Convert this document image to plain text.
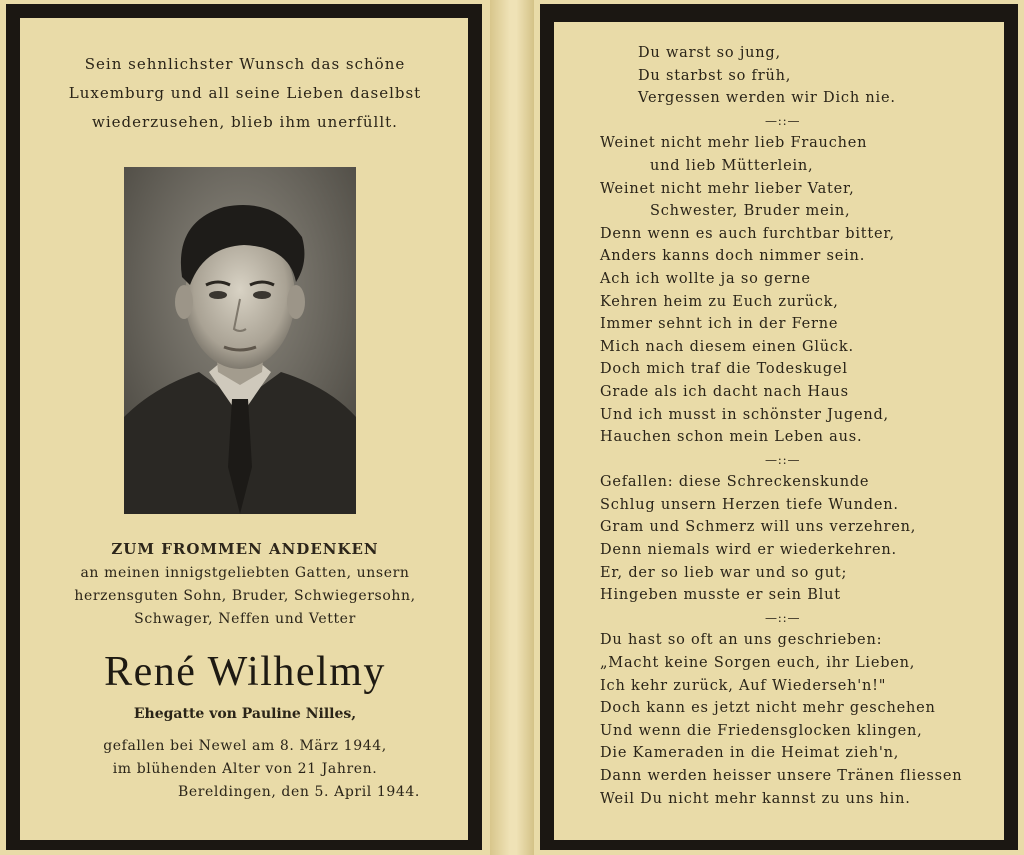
Sein sehnlichster Wunsch das schöne
Luxemburg und all seine Lieben daselbst
wiederzusehen, blieb ihm unerfüllt.
ZUM FROMMEN ANDENKEN
an meinen innigstgeliebten Gatten, unsern
herzensguten Sohn, Bruder, Schwiegersohn,
Schwager, Neffen und Vetter
René Wilhelmy
Ehegatte von Pauline Nilles,
gefallen bei Newel am 8. März 1944,
im blühenden Alter von 21 Jahren.
Bereldingen, den 5. April 1944.
Du warst so jung,
Du starbst so früh,
Vergessen werden wir Dich nie.
—::—
Weinet nicht mehr lieb Frauchen
und lieb Mütterlein,
Weinet nicht mehr lieber Vater,
Schwester, Bruder mein,
Denn wenn es auch furchtbar bitter,
Anders kanns doch nimmer sein.
Ach ich wollte ja so gerne
Kehren heim zu Euch zurück,
Immer sehnt ich in der Ferne
Mich nach diesem einen Glück.
Doch mich traf die Todeskugel
Grade als ich dacht nach Haus
Und ich musst in schönster Jugend,
Hauchen schon mein Leben aus.
—::—
Gefallen: diese Schreckenskunde
Schlug unsern Herzen tiefe Wunden.
Gram und Schmerz will uns verzehren,
Denn niemals wird er wiederkehren.
Er, der so lieb war und so gut;
Hingeben musste er sein Blut
—::—
Du hast so oft an uns geschrieben:
„Macht keine Sorgen euch, ihr Lieben,
Ich kehr zurück, Auf Wiederseh'n!"
Doch kann es jetzt nicht mehr geschehen
Und wenn die Friedensglocken klingen,
Die Kameraden in die Heimat zieh'n,
Dann werden heisser unsere Tränen fliessen
Weil Du nicht mehr kannst zu uns hin.
